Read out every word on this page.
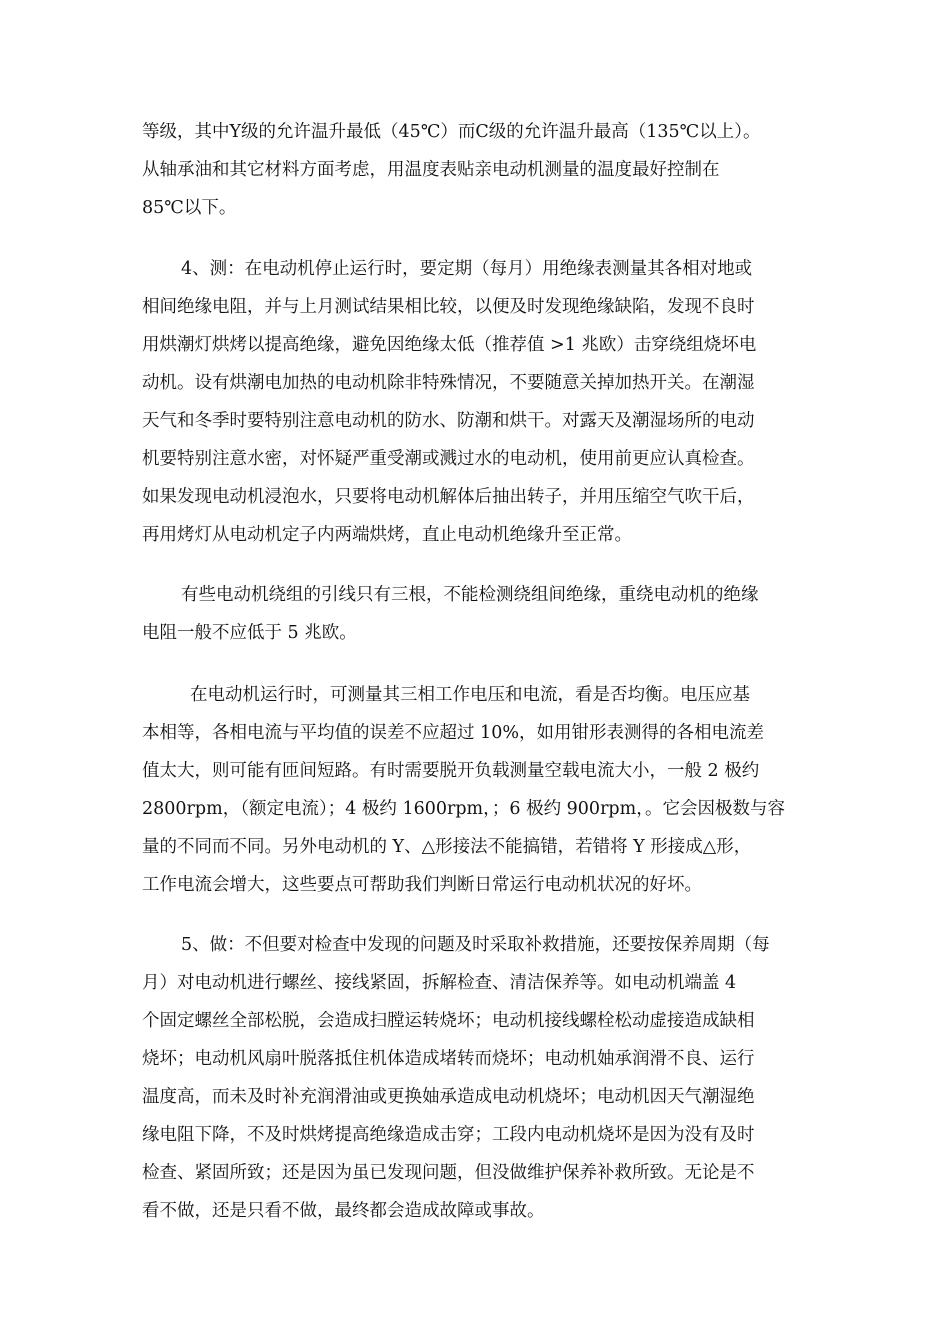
等级，其中Y级的允许温升最低（45℃）而C级的允许温升最高（135℃以上）。
从轴承油和其它材料方面考虑，用温度表贴亲电动机测量的温度最好控制在
85℃以下。
4、测：在电动机停止运行时，要定期（每月）用绝缘表测量其各相对地或
相间绝缘电阻，并与上月测试结果相比较，以便及时发现绝缘缺陷，发现不良时
用烘潮灯烘烤以提高绝缘，避免因绝缘太低（推荐值 >1 兆欧）击穿绕组烧坏电
动机。设有烘潮电加热的电动机除非特殊情况，不要随意关掉加热开关。在潮湿
天气和冬季时要特别注意电动机的防水、防潮和烘干。对露天及潮湿场所的电动
机要特别注意水密，对怀疑严重受潮或溅过水的电动机，使用前更应认真检查。
如果发现电动机浸泡水，只要将电动机解体后抽出转子，并用压缩空气吹干后，
再用烤灯从电动机定子内两端烘烤，直止电动机绝缘升至正常。
有些电动机绕组的引线只有三根，不能检测绕组间绝缘，重绕电动机的绝缘
电阻一般不应低于 5 兆欧。
在电动机运行时，可测量其三相工作电压和电流，看是否均衡。电压应基
本相等，各相电流与平均值的误差不应超过 10%，如用钳形表测得的各相电流差
值太大，则可能有匝间短路。有时需要脱开负载测量空载电流大小，一般 2 极约
2800rpm，（额定电流）；4 极约 1600rpm，；6 极约 900rpm，。它会因极数与容
量的不同而不同。另外电动机的 Y、△形接法不能搞错，若错将 Y 形接成△形，
工作电流会增大，这些要点可帮助我们判断日常运行电动机状况的好坏。
5、做：不但要对检查中发现的问题及时采取补救措施，还要按保养周期（每
月）对电动机进行螺丝、接线紧固，拆解检查、清洁保养等。如电动机端盖 4
个固定螺丝全部松脱，会造成扫膛运转烧坏；电动机接线螺栓松动虚接造成缺相
烧坏；电动机风扇叶脱落抵住机体造成堵转而烧坏；电动机妯承润滑不良、运行
温度高，而未及时补充润滑油或更换妯承造成电动机烧坏；电动机因天气潮湿绝
缘电阻下降，不及时烘烤提高绝缘造成击穿；工段内电动机烧坏是因为没有及时
检查、紧固所致；还是因为虽已发现问题，但没做维护保养补救所致。无论是不
看不做，还是只看不做，最终都会造成故障或事故。
